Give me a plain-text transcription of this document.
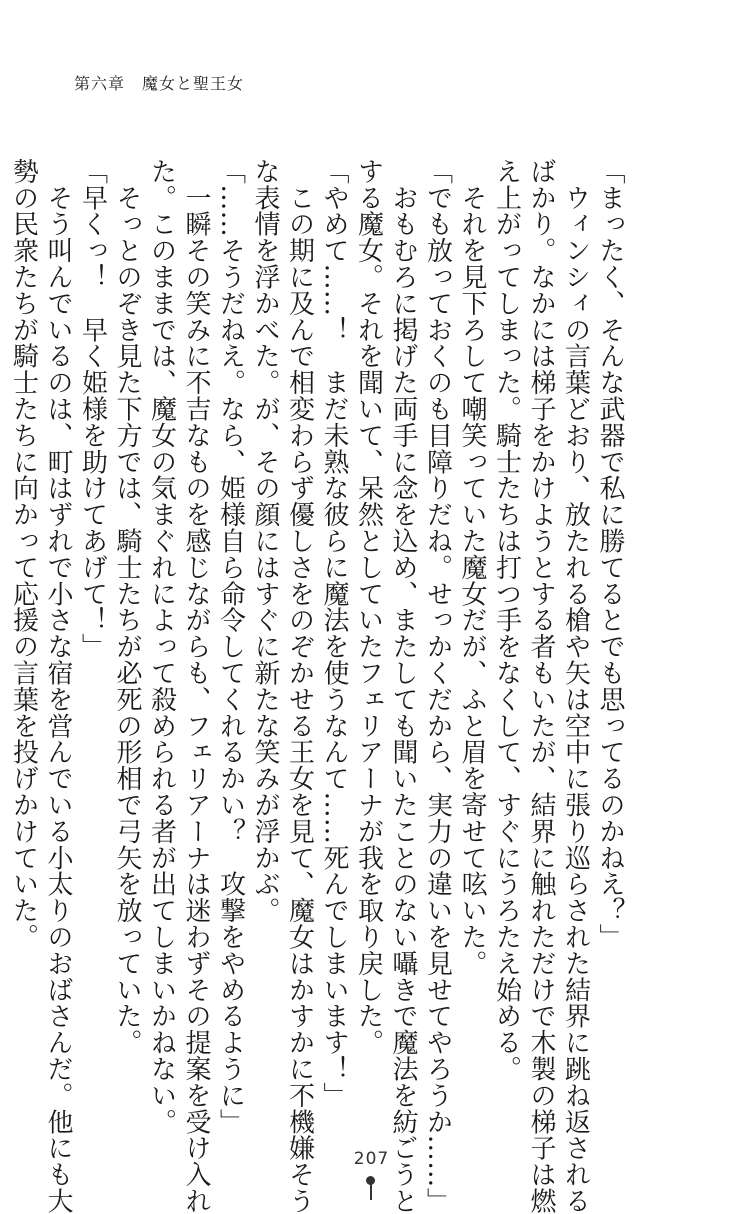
第六章　魔女と聖王女
「まったく、そんな武器で私に勝てるとでも思ってるのかねえ？」
　ウィンシィの言葉どおり、放たれる槍や矢は空中に張り巡らされた結界に跳ね返される
ばかり。なかには梯子をかけようとする者もいたが、結界に触れただけで木製の梯子は燃
え上がってしまった。騎士たちは打つ手をなくして、すぐにうろたえ始める。
　それを見下ろして嘲笑っていた魔女だが、ふと眉を寄せて呟いた。
「でも放っておくのも目障りだね。せっかくだから、実力の違いを見せてやろうか……」
　おもむろに掲げた両手に念を込め、またしても聞いたことのない囁きで魔法を紡ごうと
する魔女。それを聞いて、呆然としていたフェリアーナが我を取り戻した。
「やめて……！　まだ未熟な彼らに魔法を使うなんて……死んでしまいます！」
　この期に及んで相変わらず優しさをのぞかせる王女を見て、魔女はかすかに不機嫌そう
な表情を浮かべた。が、その顔にはすぐに新たな笑みが浮かぶ。
「……そうだねえ。なら、姫様自ら命令してくれるかい？　攻撃をやめるように」
　一瞬その笑みに不吉なものを感じながらも、フェリアーナは迷わずその提案を受け入れ
た。このままでは、魔女の気まぐれによって殺められる者が出てしまいかねない。
　そっとのぞき見た下方では、騎士たちが必死の形相で弓矢を放っていた。
「早くっ！　早く姫様を助けてあげて！」
　そう叫んでいるのは、町はずれで小さな宿を営んでいる小太りのおばさんだ。他にも大
勢の民衆たちが騎士たちに向かって応援の言葉を投げかけていた。
207
